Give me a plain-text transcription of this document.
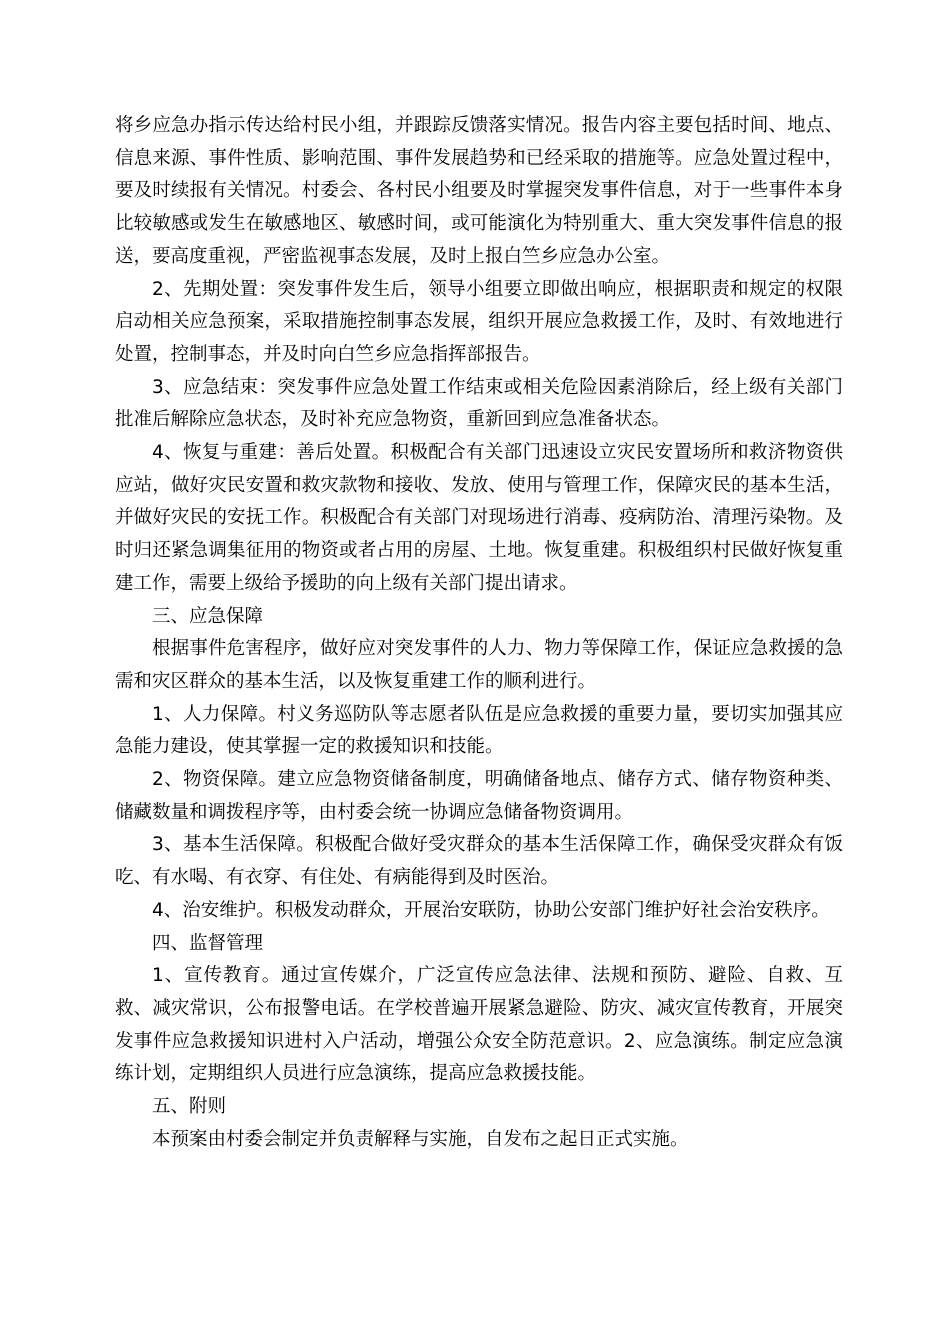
将乡应急办指示传达给村民小组，并跟踪反馈落实情况。报告内容主要包括时间、地点、信息来源、事件性质、影响范围、事件发展趋势和已经采取的措施等。应急处置过程中，要及时续报有关情况。村委会、各村民小组要及时掌握突发事件信息，对于一些事件本身比较敏感或发生在敏感地区、敏感时间，或可能演化为特别重大、重大突发事件信息的报送，要高度重视，严密监视事态发展，及时上报白竺乡应急办公室。

2、先期处置：突发事件发生后，领导小组要立即做出响应，根据职责和规定的权限启动相关应急预案，采取措施控制事态发展，组织开展应急救援工作，及时、有效地进行处置，控制事态，并及时向白竺乡应急指挥部报告。

3、应急结束：突发事件应急处置工作结束或相关危险因素消除后，经上级有关部门批准后解除应急状态，及时补充应急物资，重新回到应急准备状态。

4、恢复与重建：善后处置。积极配合有关部门迅速设立灾民安置场所和救济物资供应站，做好灾民安置和救灾款物和接收、发放、使用与管理工作，保障灾民的基本生活，并做好灾民的安抚工作。积极配合有关部门对现场进行消毒、疫病防治、清理污染物。及时归还紧急调集征用的物资或者占用的房屋、土地。恢复重建。积极组织村民做好恢复重建工作，需要上级给予援助的向上级有关部门提出请求。

三、应急保障

根据事件危害程序，做好应对突发事件的人力、物力等保障工作，保证应急救援的急需和灾区群众的基本生活，以及恢复重建工作的顺利进行。

1、人力保障。村义务巡防队等志愿者队伍是应急救援的重要力量，要切实加强其应急能力建设，使其掌握一定的救援知识和技能。

2、物资保障。建立应急物资储备制度，明确储备地点、储存方式、储存物资种类、储藏数量和调拨程序等，由村委会统一协调应急储备物资调用。

3、基本生活保障。积极配合做好受灾群众的基本生活保障工作，确保受灾群众有饭吃、有水喝、有衣穿、有住处、有病能得到及时医治。

4、治安维护。积极发动群众，开展治安联防，协助公安部门维护好社会治安秩序。

四、监督管理

1、宣传教育。通过宣传媒介，广泛宣传应急法律、法规和预防、避险、自救、互救、减灾常识，公布报警电话。在学校普遍开展紧急避险、防灾、减灾宣传教育，开展突发事件应急救援知识进村入户活动，增强公众安全防范意识。2、应急演练。制定应急演练计划，定期组织人员进行应急演练，提高应急救援技能。

五、附则

本预案由村委会制定并负责解释与实施，自发布之起日正式实施。
